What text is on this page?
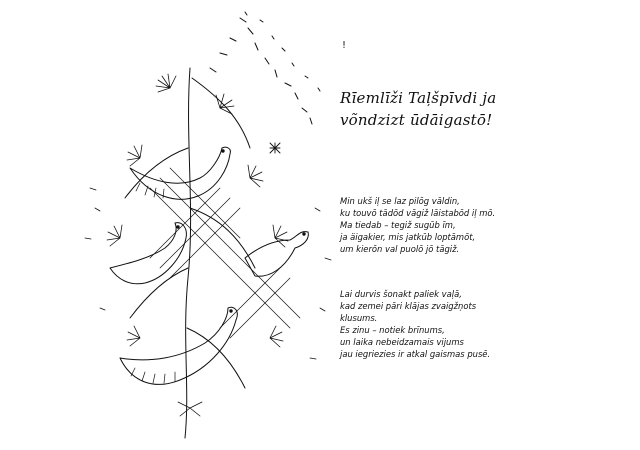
!
Rīemlīži Taļšpīvdi ja
võndzizt ūdāigastō!
Min ukš iļ se laz pilōg vāldin,
ku touvō tādōd vāgiž lāistabōd iļ mō.
Ma tiedab – tegiž sugūb īm,
ja äigakier, mis jatkūb loptāmōt,
um kierōn val puolō jō tāgiž.
Lai durvis šonakt paliek vaļā,
kad zemei pāri klājas zvaigžņots
klusums.
Es zinu – notiek brīnums,
un laika nebeidzamais vijums
jau iegriezies ir atkal gaismas pusē.
